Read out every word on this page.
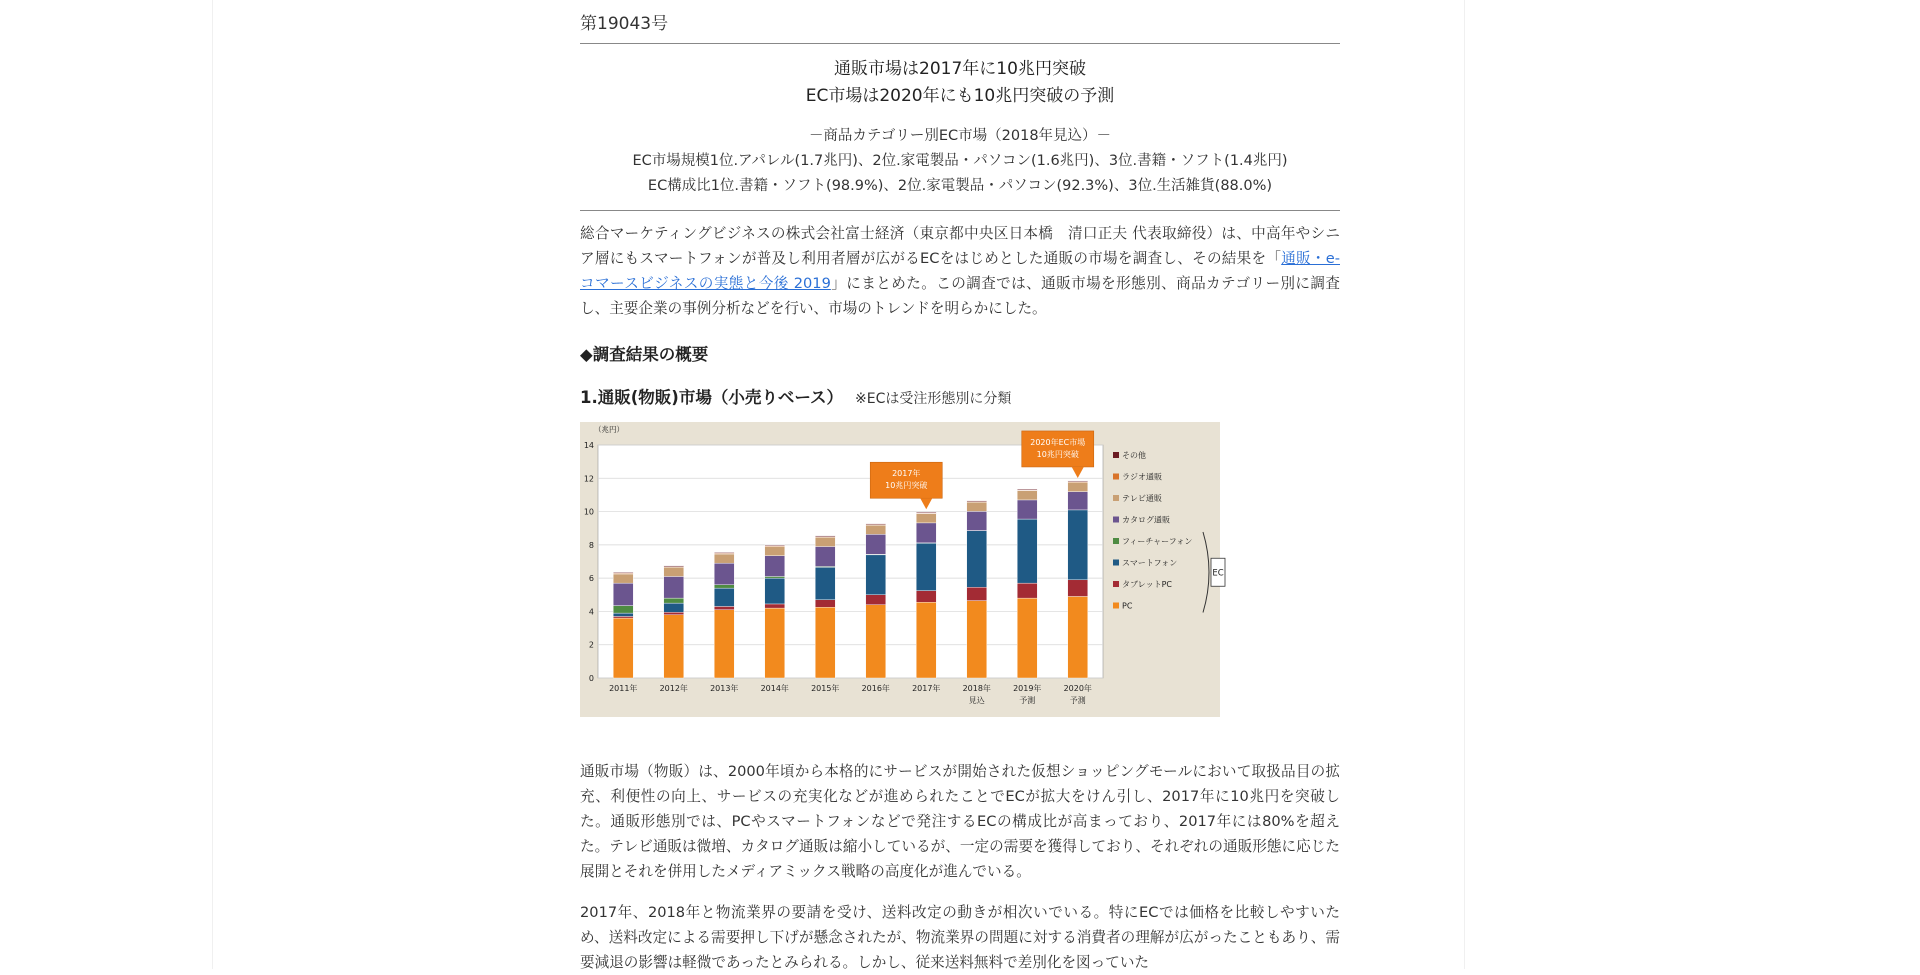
第19043号
通販市場は2017年に10兆円突破
EC市場は2020年にも10兆円突破の予測
－商品カテゴリー別EC市場（2018年見込）－
EC市場規模1位.アパレル(1.7兆円)、2位.家電製品・パソコン(1.6兆円)、3位.書籍・ソフト(1.4兆円)
EC構成比1位.書籍・ソフト(98.9%)、2位.家電製品・パソコン(92.3%)、3位.生活雑貨(88.0%)

総合マーケティングビジネスの株式会社富士経済（東京都中央区日本橋　清口正夫 代表取締役）は、中高年やシニア層にもスマートフォンが普及し利用者層が広がるECをはじめとした通販の市場を調査し、その結果を「通販・e-コマースビジネスの実態と今後 2019」にまとめた。この調査では、通販市場を形態別、商品カテゴリー別に調査し、主要企業の事例分析などを行い、市場のトレンドを明らかにした。

◆調査結果の概要
1.通販(物販)市場（小売りベース） ※ECは受注形態別に分類
0
2
4
6
8
10
12
14
（兆円）
2011年	2012年	2013年	2014年	2015年	2016年	2017年	2018年
見込
2019年
予測
2020年
予測
2017年
10兆円突破
2020年EC市場
10兆円突破	その他
ラジオ通販
テレビ通販
カタログ通販
フィーチャーフォン
スマートフォン
タブレットPC
PC
EC

通販市場（物販）は、2000年頃から本格的にサービスが開始された仮想ショッピングモールにおいて取扱品目の拡充、利便性の向上、サービスの充実化などが進められたことでECが拡大をけん引し、2017年に10兆円を突破した。通販形態別では、PCやスマートフォンなどで発注するECの構成比が高まっており、2017年には80%を超えた。テレビ通販は微増、カタログ通販は縮小しているが、一定の需要を獲得しており、それぞれの通販形態に応じた展開とそれを併用したメディアミックス戦略の高度化が進んでいる。

2017年、2018年と物流業界の要請を受け、送料改定の動きが相次いでいる。特にECでは価格を比較しやすいため、送料改定による需要押し下げが懸念されたが、物流業界の問題に対する消費者の理解が広がったこともあり、需要減退の影響は軽微であったとみられる。しかし、従来送料無料で差別化を図っていた
